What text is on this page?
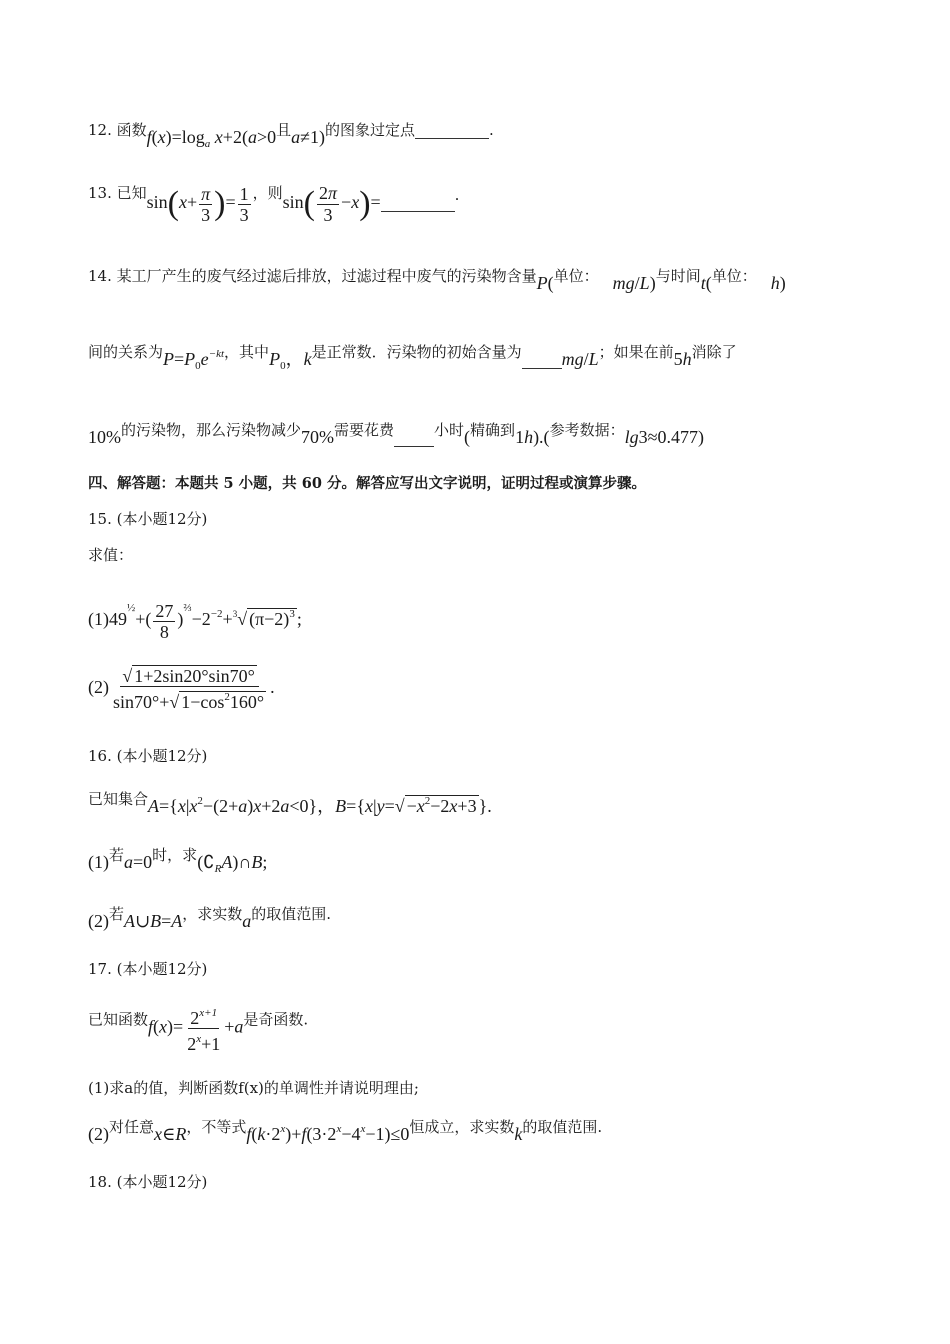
12. 函数$f(x)=\log_a$ x+2(a>0且a≠1)的图象过定点	.
13. 已知$\sin(x+ \frac{\pi}{3}$ )= $\frac{1}{3}$ ，则$\sin( \frac{2\pi}{3} -x)=$	.
14. 某工厂产生的废气经过滤后排放，过滤过程中废气的污染物含量P(单位： mg/L)与时间t(单位： h)
间的关系为$P=P_0e^{-kt}$，其中$P_0$，k是正常数．污染物的初始含量为 mg/L；如果在前5h消除了
10%的污染物，那么污染物减少70%需要花费	小时(精确到1h).(参考数据：lg3≈0.477)
四、解答题：本题共 5 小题，共 60 分。解答应写出文字说明，证明过程或演算步骤。
15. (本小题12分)
求值：
$(1)49^{\frac{1}{2}}+( \frac{27}{8} )^{\frac{2}{3}}-2^{-2}+^3√$ $(\pi-2)^3$ ;
$(2) \frac{√ 1+2\sin 20^\circ\sin 70^\circ}{\sin 70^\circ+√ 1-\cos^2160^\circ}$ .
16. (本小题12分)
已知集合$A=\{x|x^2-(2+a)x+2a<0\}$，$B=\{x|y=√ -x^2-2x+3$ }.
(1)若a=0时，求$(∁_RA)\cap B$;
(2)若A∪B=A，求实数a的取值范围.
17. (本小题12分)
已知函数$f(x)= \frac{2^{x+1}}{2^x+1} +a$是奇函数.
(1)求a的值，判断函数f(x)的单调性并请说明理由;
(2)对任意x∈R，不等式$f(k\cdot 2^x)+f(3\cdot 2^x-4^x-1)\le 0$恒成立，求实数k的取值范围.
18. (本小题12分)
